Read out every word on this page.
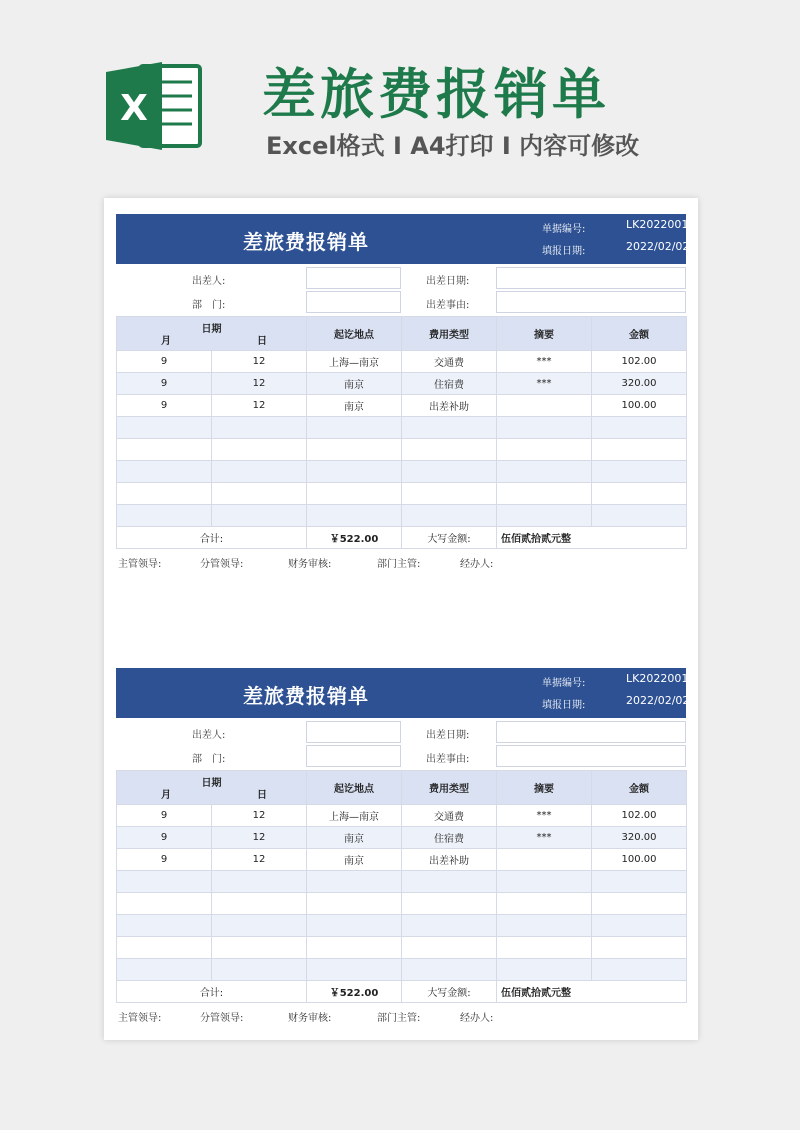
X 差旅费报销单
Excel格式 I A4打印 I 内容可修改
差旅费报销单
单据编号:	LK2022001
填报日期:	2022/02/02
出差人:
部　门:
出差日期:
出差事由:
日期
月 日		起讫地点	费用类型	摘要	金额
9	12	上海—南京	交通费	***	102.00
9	12	南京	住宿费	***	320.00
9	12	南京	出差补助		100.00

合计:		￥522.00	大写金额:	伍佰贰拾贰元整	
主管领导:	分管领导:	财务审核:	部门主管:	经办人:
差旅费报销单
单据编号:	LK2022001
填报日期:	2022/02/02
出差人:
部　门:
出差日期:
出差事由:
日期
月 日		起讫地点	费用类型	摘要	金额
9	12	上海—南京	交通费	***	102.00
9	12	南京	住宿费	***	320.00
9	12	南京	出差补助		100.00

合计:		￥522.00	大写金额:	伍佰贰拾贰元整	
主管领导:	分管领导:	财务审核:	部门主管:	经办人:
